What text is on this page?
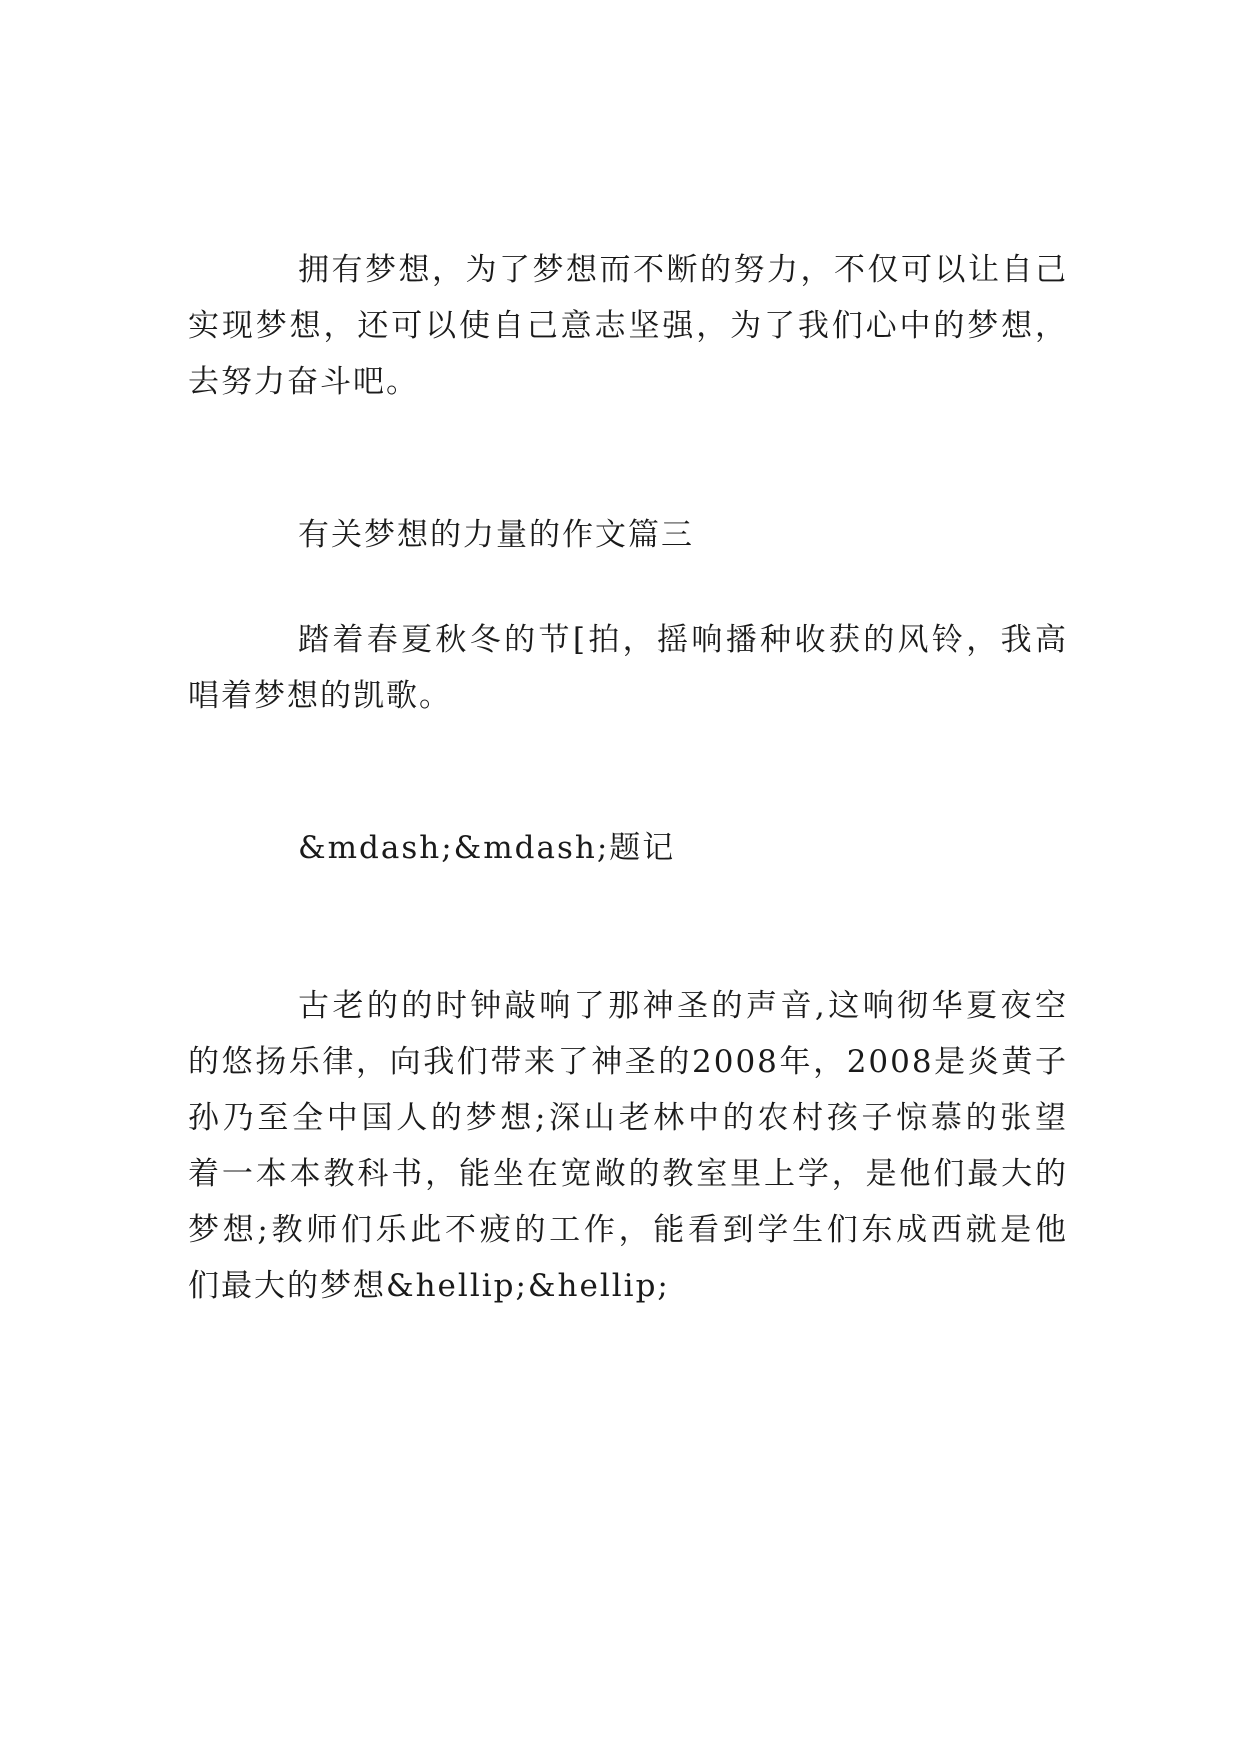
拥有梦想，为了梦想而不断的努力，不仅可以让自己
实现梦想，还可以使自己意志坚强，为了我们心中的梦想，
去努力奋斗吧。
有关梦想的力量的作文篇三
踏着春夏秋冬的节[拍，摇响播种收获的风铃，我高
唱着梦想的凯歌。
&mdash;&mdash;题记
古老的的时钟敲响了那神圣的声音,这响彻华夏夜空
的悠扬乐律，向我们带来了神圣的2008年，2008是炎黄子
孙乃至全中国人的梦想;深山老林中的农村孩子惊慕的张望
着一本本教科书，能坐在宽敞的教室里上学，是他们最大的
梦想;教师们乐此不疲的工作，能看到学生们东成西就是他
们最大的梦想&hellip;&hellip;
